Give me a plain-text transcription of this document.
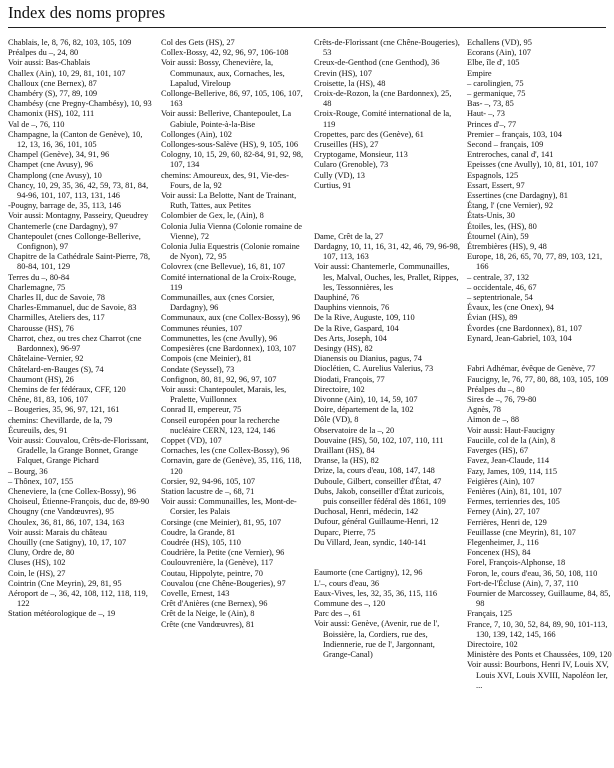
Index des noms propres
Chablais, le, 8, 76, 82, 103, 105, 109
Préalpes du –, 24, 80
Voir aussi: Bas-Chablais
Challex (Ain), 10, 29, 81, 101, 107
Challoux (cne Bernex), 87
Chambéry (S), 77, 89, 109
Chambésy (cne Pregny-Chambésy), 10, 93
Chamonix (HS), 102, 111
Val de –, 76, 110
Champagne, la (Canton de Genève), 10, 12, 13, 16, 36, 101, 105
Champel (Genève), 34, 91, 96
Champet (cne Avusy), 96
Champlong (cne Avusy), 10
Chancy, 10, 29, 35, 36, 42, 59, 73, 81, 84, 94-96, 101, 107, 113, 131, 146
-Pougny, barrage de, 35, 113, 146
Voir aussi: Montagny, Passeiry, Queudrey
Chantemerle (cne Dardagny), 97
Chantepoulet (cnes Collonge-Bellerive, Confignon), 97
Chapitre de la Cathédrale Saint-Pierre, 78, 80-84, 101, 129
Terres du –, 80-84
Charlemagne, 75
Charles II, duc de Savoie, 78
Charles-Emmanuel, duc de Savoie, 83
Charmilles, Ateliers des, 117
Charousse (HS), 76
Charrot, chez, ou tres chez Charrot (cne Bardonnex), 96-97
Châtelaine-Vernier, 92
Châtelard-en-Bauges (S), 74
Chaumont (HS), 26
Chemins de fer fédéraux, CFF, 120
Chêne, 81, 83, 106, 107
– Bougeries, 35, 96, 97, 121, 161
chemins: Chevillarde, de la, 79
Écureuils, des, 91
Voir aussi: Couvalou, Crêts-de-Florissant, Gradelle, la Grange Bonnet, Grange Falquet, Grange Pichard
– Bourg, 36
– Thônex, 107, 155
Cheneviere, la (cne Collex-Bossy), 96
Choiseul, Étienne-François, duc de, 89-90
Chougny (cne Vandœuvres), 95
Choulex, 36, 81, 86, 107, 134, 163
Voir aussi: Marais du château
Chouilly (cne Satigny), 10, 17, 107
Cluny, Ordre de, 80
Cluses (HS), 102
Coin, le (HS), 27
Cointrin (Cne Meyrin), 29, 81, 95
Aéroport de –, 36, 42, 108, 112, 118, 119, 122
Station météorologique de –, 19
Col des Gets (HS), 27
Collex-Bossy, 42, 92, 96, 97, 106-108
Voir aussi: Bossy, Chenevière, la, Communaux, aux, Cornaches, les, Lapalud, Vireloup
Collonge-Bellerive, 86, 97, 105, 106, 107, 163
Voir aussi: Bellerive, Chantepoulet, La Gabiule, Pointe-à-la-Bise
Collonges (Ain), 102
Collonges-sous-Salève (HS), 9, 105, 106
Cologny, 10, 15, 29, 60, 82-84, 91, 92, 98, 107, 134
chemins: Amoureux, des, 91, Vie-des-Fours, de la, 92
Voir aussi: La Belotte, Nant de Trainant, Ruth, Tattes, aux Petites
Colombier de Gex, le, (Ain), 8
Colonia Julia Vienna (Colonie romaine de Vienne), 72
Colonia Julia Equestris (Colonie romaine de Nyon), 72, 95
Colovrex (cne Bellevue), 16, 81, 107
Comité international de la Croix-Rouge, 119
Communailles, aux (cnes Corsier, Dardagny), 96
Communaux, aux (cne Collex-Bossy), 96
Communes réunies, 107
Communettes, les (cne Avully), 96
Compesières (cne Bardonnex), 103, 107
Compois (cne Meinier), 81
Condate (Seyssel), 73
Confignon, 80, 81, 92, 96, 97, 107
Voir aussi: Chantepoulet, Marais, les, Pralette, Vuillonnex
Conrad II, empereur, 75
Conseil européen pour la recherche nucléaire CERN, 123, 124, 146
Coppet (VD), 107
Cornaches, les (cne Collex-Bossy), 96
Cornavin, gare de (Genève), 35, 116, 118, 120
Corsier, 92, 94-96, 105, 107
Station lacustre de –, 68, 71
Voir aussi: Communailles, les, Mont-de-Corsier, les Palais
Corsinge (cne Meinier), 81, 95, 107
Coudre, la Grande, 81
Coudrée (HS), 105, 110
Coudrière, la Petite (cne Vernier), 96
Coulouvrenière, la (Genève), 117
Coutau, Hippolyte, peintre, 70
Couvalou (cne Chêne-Bougeries), 97
Covelle, Ernest, 143
Crêt d'Anières (cne Bernex), 96
Crêt de la Neige, le (Ain), 8
Crête (cne Vandœuvres), 81
Crêts-de-Florissant (cne Chêne-Bougeries), 53
Creux-de-Genthod (cne Genthod), 36
Crevin (HS), 107
Croisette, la (HS), 48
Croix-de-Rozon, la (cne Bardonnex), 25, 48
Croix-Rouge, Comité international de la, 119
Cropettes, parc des (Genève), 61
Cruseilles (HS), 27
Cryptogame, Monsieur, 113
Cularo (Grenoble), 73
Cully (VD), 13
Curtius, 91
Dame, Crêt de la, 27
Dardagny, 10, 11, 16, 31, 42, 46, 79, 96-98, 107, 113, 163
Voir aussi: Chantemerle, Communailles, les, Malval, Ouches, les, Prallet, Rippes, les, Tessonnières, les
Dauphiné, 76
Dauphins viennois, 76
De la Rive, Auguste, 109, 110
De la Rive, Gaspard, 104
Des Arts, Joseph, 104
Desingy (HS), 82
Dianensis ou Dianius, pagus, 74
Dioclétien, C. Aurelius Valerius, 73
Diodati, François, 77
Directoire, 102
Divonne (Ain), 10, 14, 59, 107
Doire, département de la, 102
Dôle (VD), 8
Observatoire de la –, 20
Douvaine (HS), 50, 102, 107, 110, 111
Draillant (HS), 84
Dranse, la (HS), 82
Drize, la, cours d'eau, 108, 147, 148
Duboule, Gilbert, conseiller d'État, 47
Dubs, Jakob, conseiller d'État zuricois, puis conseiller fédéral dès 1861, 109
Duchosal, Henri, médecin, 142
Dufour, général Guillaume-Henri, 12
Duparc, Pierre, 75
Du Villard, Jean, syndic, 140-141
Eaumorte (cne Cartigny), 12, 96
L'–, cours d'eau, 36
Eaux-Vives, les, 32, 35, 36, 115, 116
Commune des –, 120
Parc des –, 61
Voir aussi: Genève, (Avenir, rue de l', Boissière, la, Cordiers, rue des, Indiennerie, rue de l', Jargonnant, Grange-Canal)
Echallens (VD), 95
Ecorans (Ain), 107
Elbe, île d', 105
Empire
– carolingien, 75
– germanique, 75
Bas- –, 73, 85
Haut- –, 73
Princes d'–, 77
Premier – français, 103, 104
Second – français, 109
Entreroches, canal d', 141
Epeisses (cne Avully), 10, 81, 101, 107
Espagnols, 125
Essart, Essert, 97
Essertines (cne Dardagny), 81
Étang, l' (cne Vernier), 92
États-Unis, 30
Étoiles, les, (HS), 80
Étournel (Ain), 59
Étrembières (HS), 9, 48
Europe, 18, 26, 65, 70, 77, 89, 103, 121, 166
– centrale, 37, 132
– occidentale, 46, 67
– septentrionale, 54
Évaux, les (cne Onex), 94
Évian (HS), 89
Évordes (cne Bardonnex), 81, 107
Eynard, Jean-Gabriel, 103, 104
Fabri Adhémar, évêque de Genève, 77
Faucigny, le, 76, 77, 80, 88, 103, 105, 109
Préalpes du –, 80
Sires de –, 76, 79-80
Agnès, 78
Aimon de –, 88
Voir aussi: Haut-Faucigny
Fauciile, col de la (Ain), 8
Faverges (HS), 67
Favez, Jean-Claude, 114
Fazy, James, 109, 114, 115
Feigières (Ain), 107
Fenières (Ain), 81, 101, 107
Fermes, terrienries des, 105
Ferney (Ain), 27, 107
Ferrières, Henri de, 129
Feuillasse (cne Meyrin), 81, 107
Flegenheimer, J., 116
Foncenex (HS), 84
Forel, François-Alphonse, 18
Foron, le, cours d'eau, 36, 50, 108, 110
Fort-de-l'Écluse (Ain), 7, 37, 110
Fournier de Marcossey, Guillaume, 84, 85, 98
Français, 125
France, 7, 10, 30, 52, 84, 89, 90, 101-113, 130, 139, 142, 145, 166
Directoire, 102
Ministère des Ponts et Chaussées, 109, 120
Voir aussi: Bourbons, Henri IV, Louis XV, Louis XVI, Louis XVIII, Napoléon Ier, ...
